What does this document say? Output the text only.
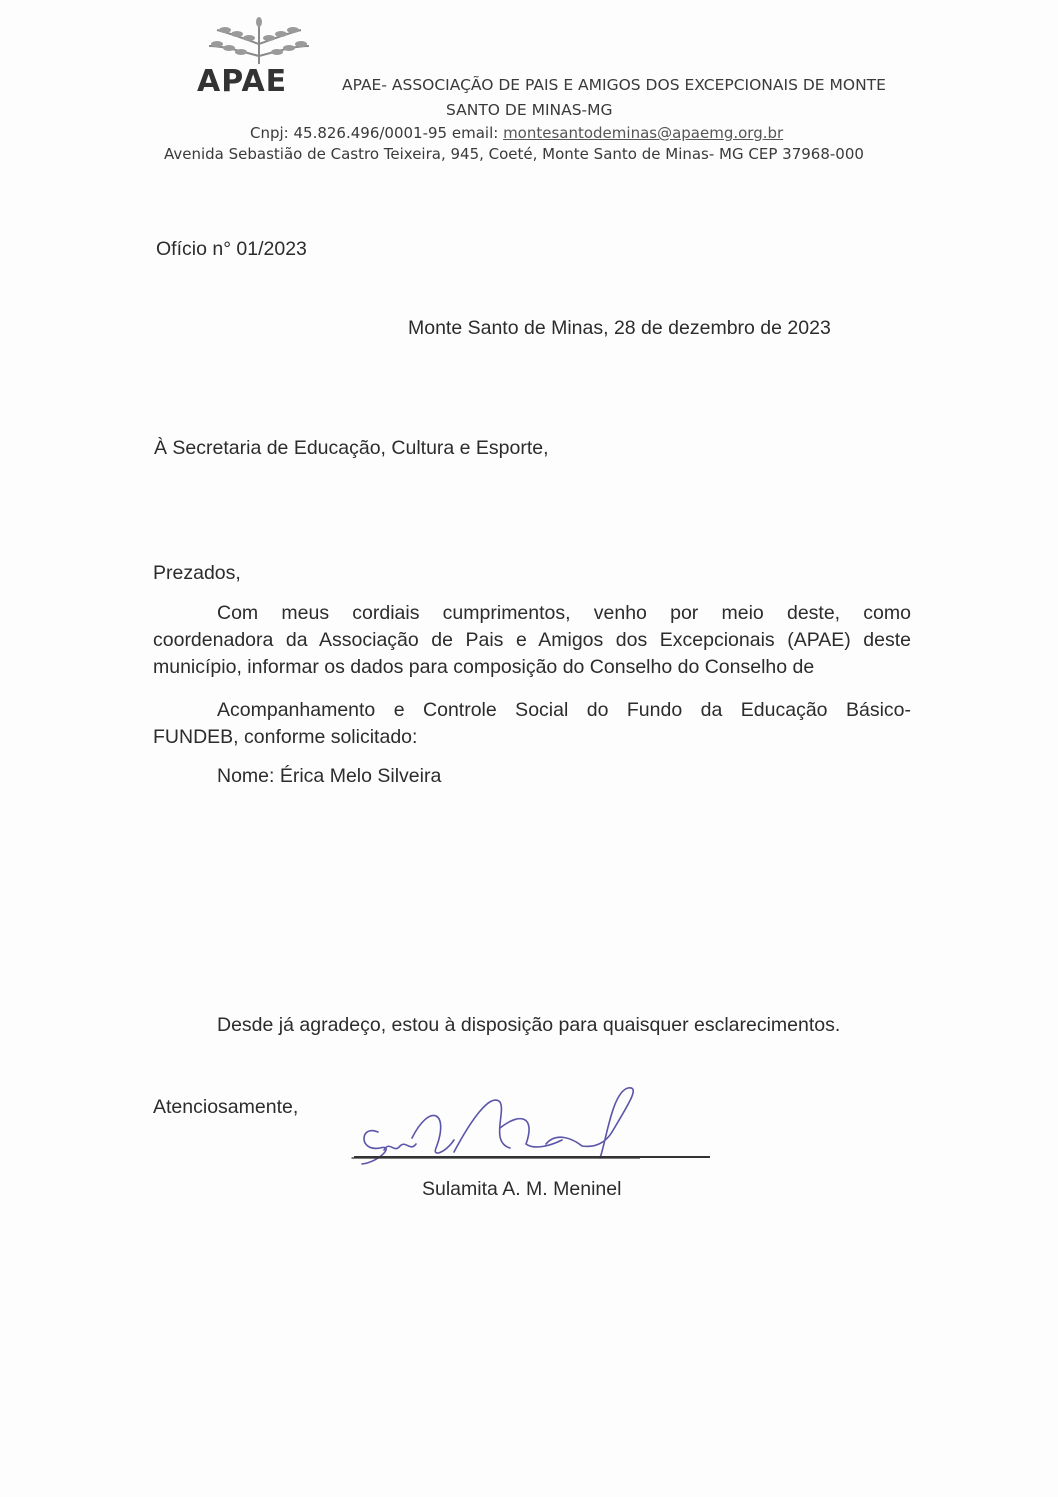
APAE	APAE- ASSOCIAÇÃO DE PAIS E AMIGOS DOS EXCEPCIONAIS DE MONTE
SANTO DE MINAS-MG
Cnpj: 45.826.496/0001-95 email: montesantodeminas@apaemg.org.br
Avenida Sebastião de Castro Teixeira, 945, Coeté, Monte Santo de Minas- MG CEP 37968-000
Ofício n° 01/2023
Monte Santo de Minas, 28 de dezembro de 2023
À Secretaria de Educação, Cultura e Esporte,
Prezados,
Com meus cordiais cumprimentos, venho por meio deste, como
coordenadora da Associação de Pais e Amigos dos Excepcionais (APAE) deste
município, informar os dados para composição do Conselho do Conselho de
Acompanhamento e Controle Social do Fundo da Educação Básico-
FUNDEB, conforme solicitado:
Nome: Érica Melo Silveira
Desde já agradeço, estou à disposição para quaisquer esclarecimentos.
Atenciosamente,
Sulamita A. M. Meninel
